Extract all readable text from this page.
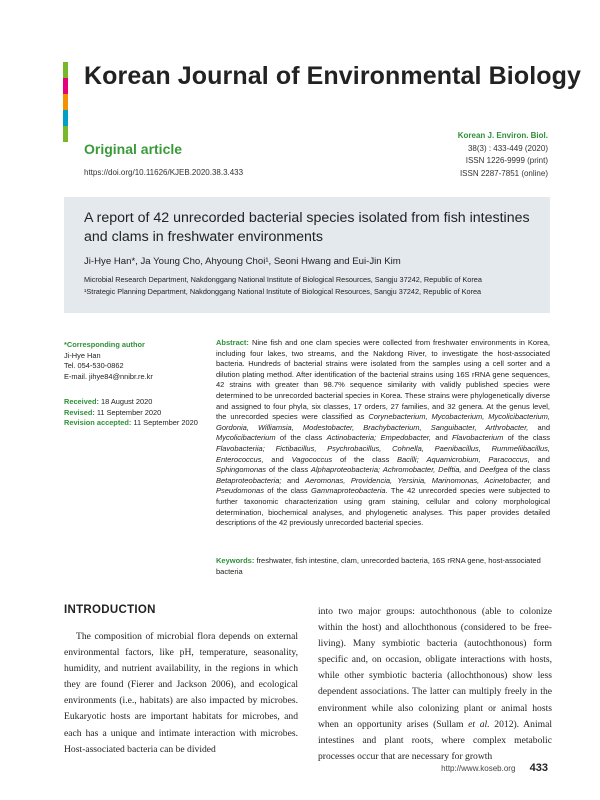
Korean Journal of Environmental Biology
Original article
https://doi.org/10.11626/KJEB.2020.38.3.433
Korean J. Environ. Biol.
38(3) : 433-449 (2020)
ISSN 1226-9999 (print)
ISSN 2287-7851 (online)
A report of 42 unrecorded bacterial species isolated from fish intestines and clams in freshwater environments
Ji-Hye Han*, Ja Young Cho, Ahyoung Choi¹, Seoni Hwang and Eui-Jin Kim
Microbial Research Department, Nakdonggang National Institute of Biological Resources, Sangju 37242, Republic of Korea
¹Strategic Planning Department, Nakdonggang National Institute of Biological Resources, Sangju 37242, Republic of Korea
*Corresponding author
Ji-Hye Han
Tel. 054-530-0862
E-mail. jihye84@nnibr.re.kr
Received: 18 August 2020
Revised: 11 September 2020
Revision accepted: 11 September 2020
Abstract: Nine fish and one clam species were collected from freshwater environments in Korea, including four lakes, two streams, and the Nakdong River, to investigate the host-associated bacteria. Hundreds of bacterial strains were isolated from the samples using a cell sorter and a dilution plating method. After identification of the bacterial strains using 16S rRNA gene sequences, 42 strains with greater than 98.7% sequence similarity with validly published species were determined to be unrecorded bacterial species in Korea. These strains were phylogenetically diverse and assigned to four phyla, six classes, 17 orders, 27 families, and 32 genera. At the genus level, the unrecorded species were classified as Corynebacterium, Mycobacterium, Mycolicibacterium, Gordonia, Williamsia, Modestobacter, Brachybacterium, Sanguibacter, Arthrobacter, and Mycolicibacterium of the class Actinobacteria; Empedobacter, and Flavobacterium of the class Flavobacteriia; Fictibacillus, Psychrobacillus, Cohnella, Paenibacillus, Rummeliibacillus, Enterococcus, and Vagococcus of the class Bacilli; Aquamicrobium, Paracoccus, and Sphingomonas of the class Alphaproteobacteria; Achromobacter, Delftia, and Deefgea of the class Betaproteobacteria; and Aeromonas, Providencia, Yersinia, Marinomonas, Acinetobacter, and Pseudomonas of the class Gammaproteobacteria. The 42 unrecorded species were subjected to further taxonomic characterization using gram staining, cellular and colony morphological determination, biochemical analyses, and phylogenetic analyses. This paper provides detailed descriptions of the 42 previously unrecorded bacterial species.
Keywords: freshwater, fish intestine, clam, unrecorded bacteria, 16S rRNA gene, host-associated bacteria
INTRODUCTION
The composition of microbial flora depends on external environmental factors, like pH, temperature, seasonality, humidity, and nutrient availability, in the regions in which they are found (Fierer and Jackson 2006), and ecological environments (i.e., habitats) are also impacted by microbes. Eukaryotic hosts are important habitats for microbes, and each has a unique and intimate interaction with microbes. Host-associated bacteria can be divided
into two major groups: autochthonous (able to colonize within the host) and allochthonous (considered to be free-living). Many symbiotic bacteria (autochthonous) form specific and, on occasion, obligate interactions with hosts, while other symbiotic bacteria (allochthonous) show less dependent associations. The latter can multiply freely in the environment while also colonizing plant or animal hosts when an opportunity arises (Sullam et al. 2012). Animal intestines and plant roots, where complex metabolic processes occur that are necessary for growth
http://www.koseb.org 433
